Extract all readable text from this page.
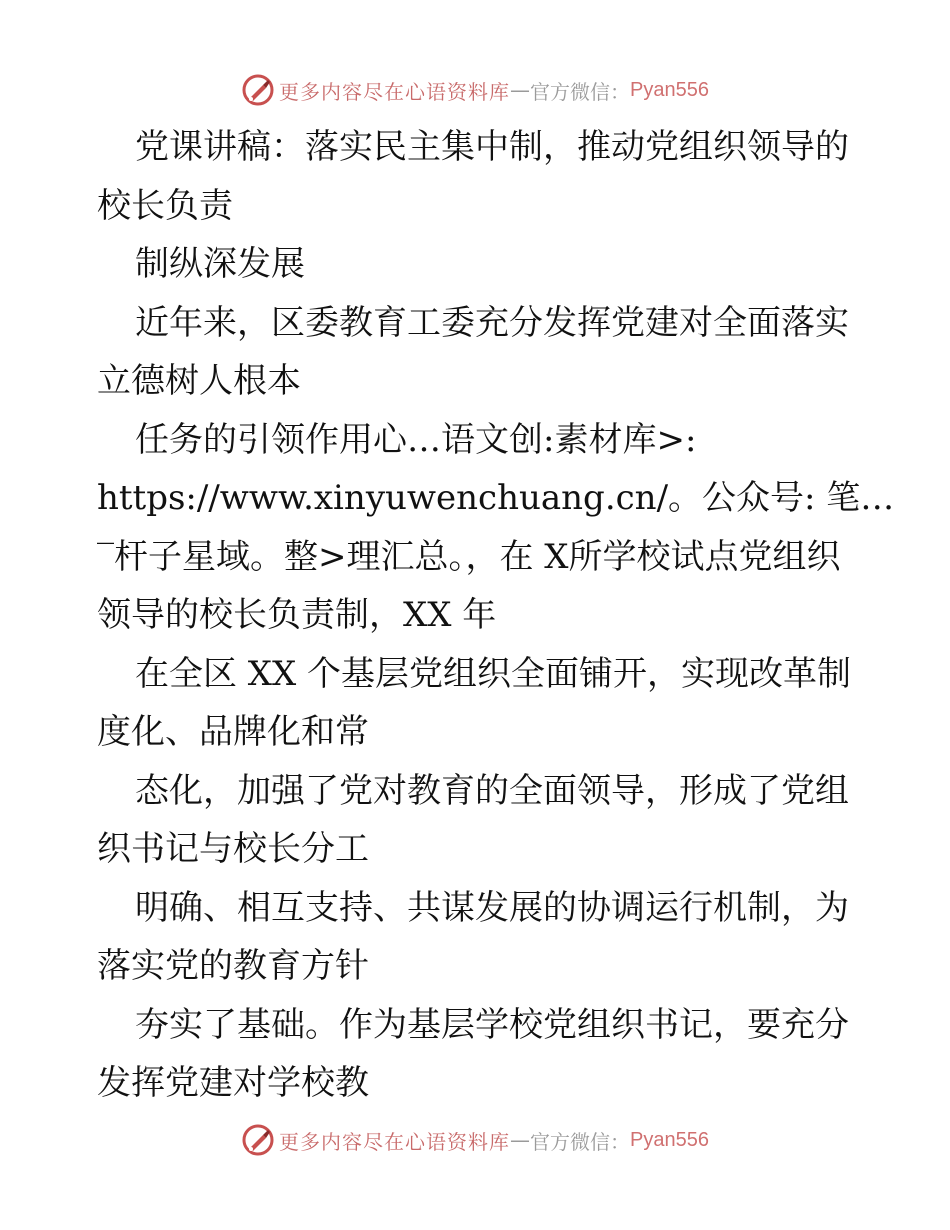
更多内容尽在心语资料库 — 官方微信： Pyan556
党课讲稿：落实民主集中制，推动党组织领导的
校长负责
制纵深发展
近年来，区委教育工委充分发挥党建对全面落实
立德树人根本
任务的引领作用心…语文创:素材库>:
https://www.xinyuwenchuang.cn/。公众号: 笔…
‾杆子星域。整>理汇总。，在 X所学校试点党组织
领导的校长负责制，XX 年
在全区 XX 个基层党组织全面铺开，实现改革制
度化、品牌化和常
态化，加强了党对教育的全面领导，形成了党组
织书记与校长分工
明确、相互支持、共谋发展的协调运行机制，为
落实党的教育方针
夯实了基础。作为基层学校党组织书记，要充分
发挥党建对学校教
更多内容尽在心语资料库 — 官方微信： Pyan556
